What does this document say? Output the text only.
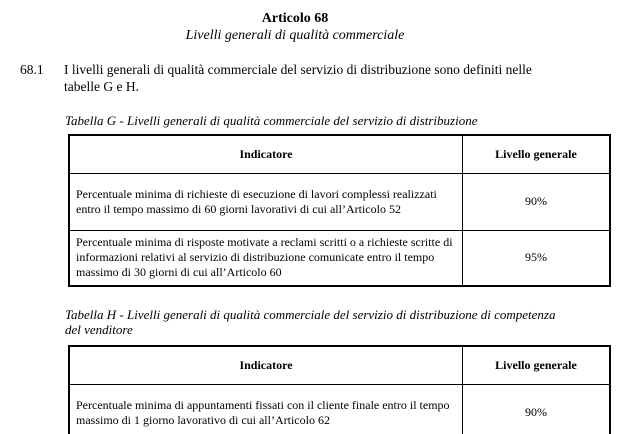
Articolo 68
Livelli generali di qualità commerciale
68.1	I livelli generali di qualità commerciale del servizio di distribuzione sono definiti nelle tabelle G e H.

Tabella G - Livelli generali di qualità commerciale del servizio di distribuzione

Indicatore	Livello generale
Percentuale minima di richieste di esecuzione di lavori complessi realizzati entro il tempo massimo di 60 giorni lavorativi di cui all’Articolo 52	90%
Percentuale minima di risposte motivate a reclami scritti o a richieste scritte di informazioni relativi al servizio di distribuzione comunicate entro il tempo massimo di 30 giorni di cui all’Articolo 60	95%

Tabella H - Livelli generali di qualità commerciale del servizio di distribuzione di competenza del venditore

Indicatore	Livello generale
Percentuale minima di appuntamenti fissati con il cliente finale entro il tempo massimo di 1 giorno lavorativo di cui all’Articolo 62	90%
